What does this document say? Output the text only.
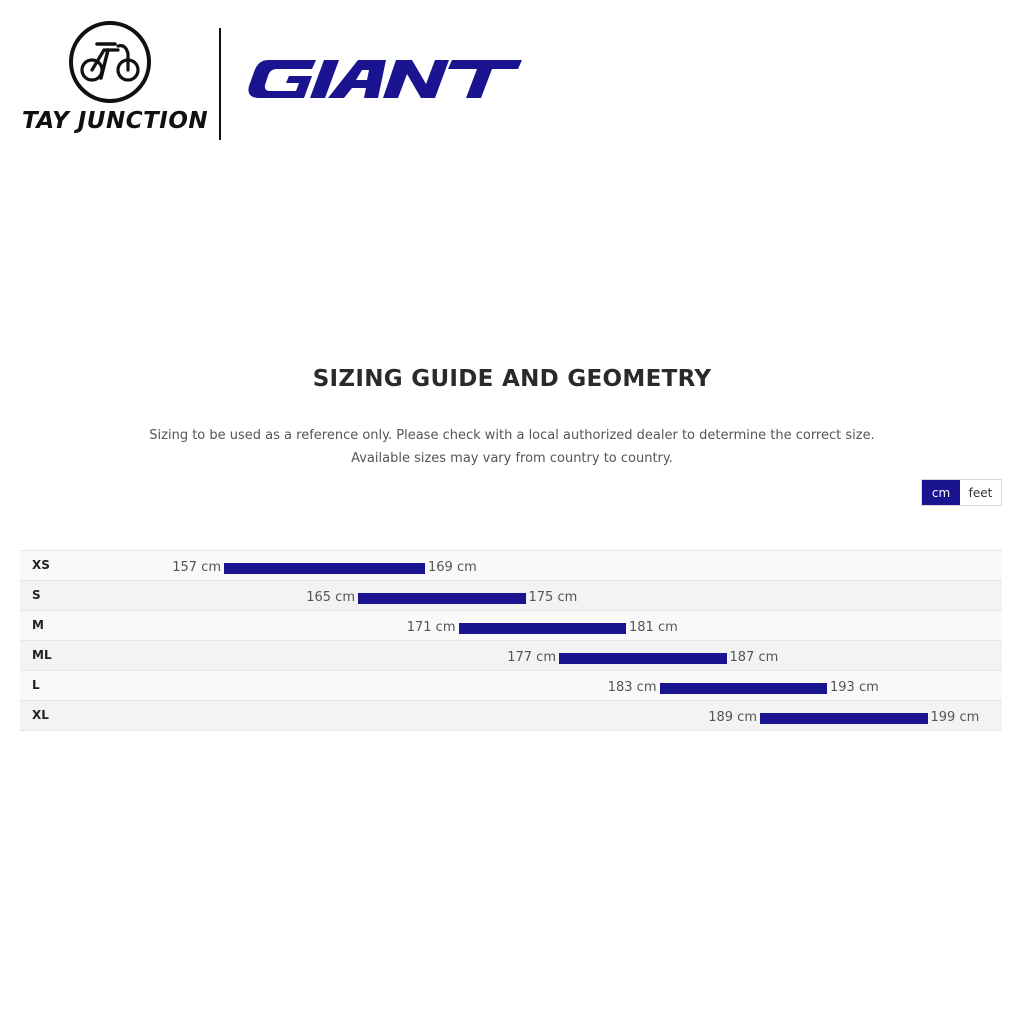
TAY JUNCTION
SIZING GUIDE AND GEOMETRY
Sizing to be used as a reference only. Please check with a local authorized dealer to determine the correct size.
Available sizes may vary from country to country.
cm	feet
XS	157 cm	169 cm
S	165 cm	175 cm
M	171 cm	181 cm
ML	177 cm	187 cm
L	183 cm	193 cm
XL	189 cm	199 cm
